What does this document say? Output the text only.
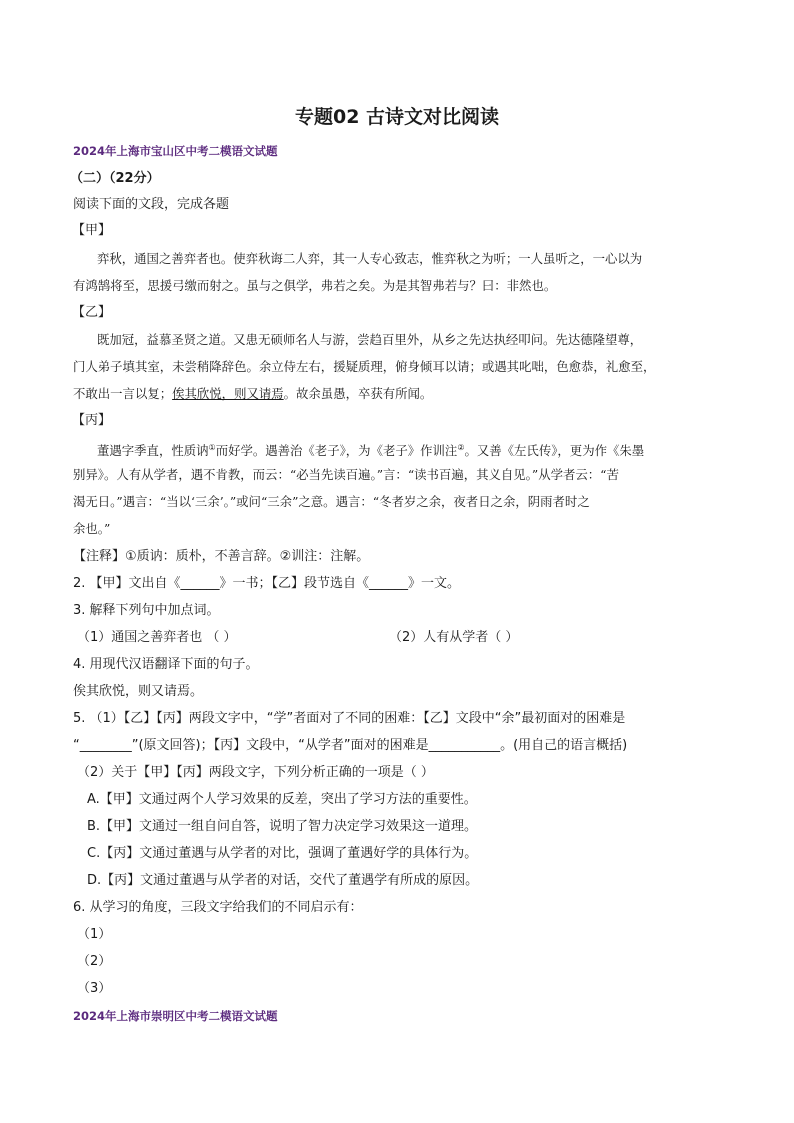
专题02 古诗文对比阅读
2024年上海市宝山区中考二模语文试题
（二）（22分）
阅读下面的文段，完成各题
【甲】
弈秋，通国之善弈者也。使弈秋诲二人弈，其一人专心致志，惟弈秋之为听；一人虽听之，一心以为
有鸿鹄将至，思援弓缴而射之。虽与之俱学，弗若之矣。为是其智弗若与？曰：非然也。
【乙】
既加冠，益慕圣贤之道。又患无硕师名人与游，尝趋百里外，从乡之先达执经叩问。先达德隆望尊，
门人弟子填其室，未尝稍降辞色。余立侍左右，援疑质理，俯身倾耳以请；或遇其叱咄，色愈恭，礼愈至，
不敢出一言以复；俟其欣悦，则又请焉。故余虽愚，卒获有所闻。
【丙】
董遇字季直，性质讷①而好学。遇善治《老子》，为《老子》作训注②。又善《左氏传》，更为作《朱墨
别异》。人有从学者，遇不肯教，而云：“必当先读百遍。”言：“读书百遍，其义自见。”从学者云：“苦
渴无日。”遇言：“当以‘三余’。”或问“三余”之意。遇言：“冬者岁之余，夜者日之余，阴雨者时之
余也。”
【注释】①质讷：质朴，不善言辞。②训注：注解。
2. 【甲】文出自《______》一书；【乙】段节选自《______》一文。
3. 解释下列句中加点词。
（1）通国之善弈者也 （ ）	（2）人有从学者（ ）
4. 用现代汉语翻译下面的句子。
俟其欣悦，则又请焉。
5. （1）【乙】【丙】两段文字中，“学”者面对了不同的困难：【乙】文段中“余”最初面对的困难是
“________”(原文回答)；【丙】文段中，“从学者”面对的困难是___________。(用自己的语言概括)
（2）关于【甲】【丙】两段文字，下列分析正确的一项是（ ）
A.【甲】文通过两个人学习效果的反差，突出了学习方法的重要性。
B.【甲】文通过一组自问自答，说明了智力决定学习效果这一道理。
C.【丙】文通过董遇与从学者的对比，强调了董遇好学的具体行为。
D.【丙】文通过董遇与从学者的对话，交代了董遇学有所成的原因。
6. 从学习的角度，三段文字给我们的不同启示有：
（1）
（2）
（3）
2024年上海市崇明区中考二模语文试题
